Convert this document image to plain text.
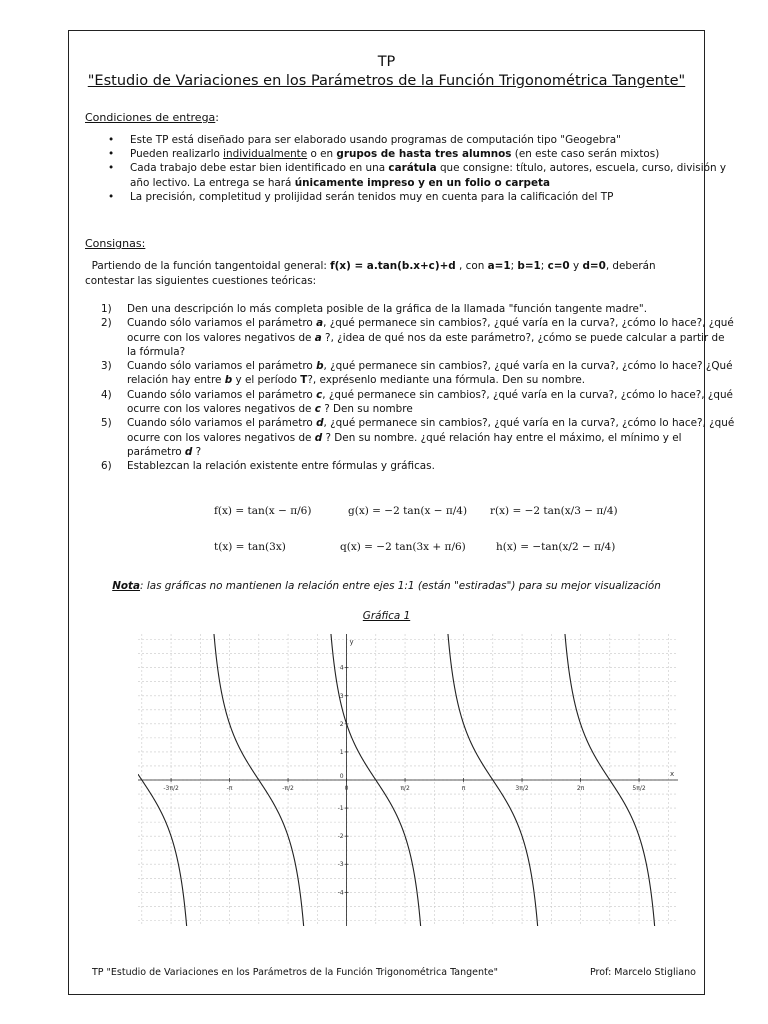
TP
"Estudio de Variaciones en los Parámetros de la Función Trigonométrica Tangente"
Condiciones de entrega:
• Este TP está diseñado para ser elaborado usando programas de computación tipo "Geogebra"
• Pueden realizarlo individualmente o en grupos de hasta tres alumnos (en este caso serán mixtos)
• Cada trabajo debe estar bien identificado en una carátula que consigne: título, autores, escuela, curso, división y año lectivo. La entrega se hará únicamente impreso y en un folio o carpeta
• La precisión, completitud y prolijidad serán tenidos muy en cuenta para la calificación del TP
Consignas:
Partiendo de la función tangentoidal general: f(x) = a.tan(b.x+c)+d , con a=1; b=1; c=0 y d=0, deberán contestar las siguientes cuestiones teóricas:
1) Den una descripción lo más completa posible de la gráfica de la llamada "función tangente madre".
2) Cuando sólo variamos el parámetro a, ¿qué permanece sin cambios?, ¿qué varía en la curva?, ¿cómo lo hace?, ¿qué ocurre con los valores negativos de a ?, ¿idea de qué nos da este parámetro?, ¿cómo se puede calcular a partir de la fórmula?
3) Cuando sólo variamos el parámetro b, ¿qué permanece sin cambios?, ¿qué varía en la curva?, ¿cómo lo hace? ¿Qué relación hay entre b y el período T?, exprésenlo mediante una fórmula. Den su nombre.
4) Cuando sólo variamos el parámetro c, ¿qué permanece sin cambios?, ¿qué varía en la curva?, ¿cómo lo hace?, ¿qué ocurre con los valores negativos de c ? Den su nombre
5) Cuando sólo variamos el parámetro d, ¿qué permanece sin cambios?, ¿qué varía en la curva?, ¿cómo lo hace?, ¿qué ocurre con los valores negativos de d ? Den su nombre. ¿qué relación hay entre el máximo, el mínimo y el parámetro d ?
6) Establezcan la relación existente entre fórmulas y gráficas.
f(x) = tan(x − π/6)	g(x) = −2 tan(x − π/4) r(x) = −2 tan(x/3 − π/4)
t(x) = tan(3x)	q(x) = −2 tan(3x + π/6)	h(x) = −tan(x/2 − π/4)
Nota: las gráficas no mantienen la relación entre ejes 1:1 (están "estiradas") para su mejor visualización
Gráfica 1
-3π/2	-π	-π/2	0	π/2	π	3π/2	2π	5π/2
-4
-3
-2
-1
1
2
3
4
0	x
y
TP "Estudio de Variaciones en los Parámetros de la Función Trigonométrica Tangente"	Prof: Marcelo Stigliano
